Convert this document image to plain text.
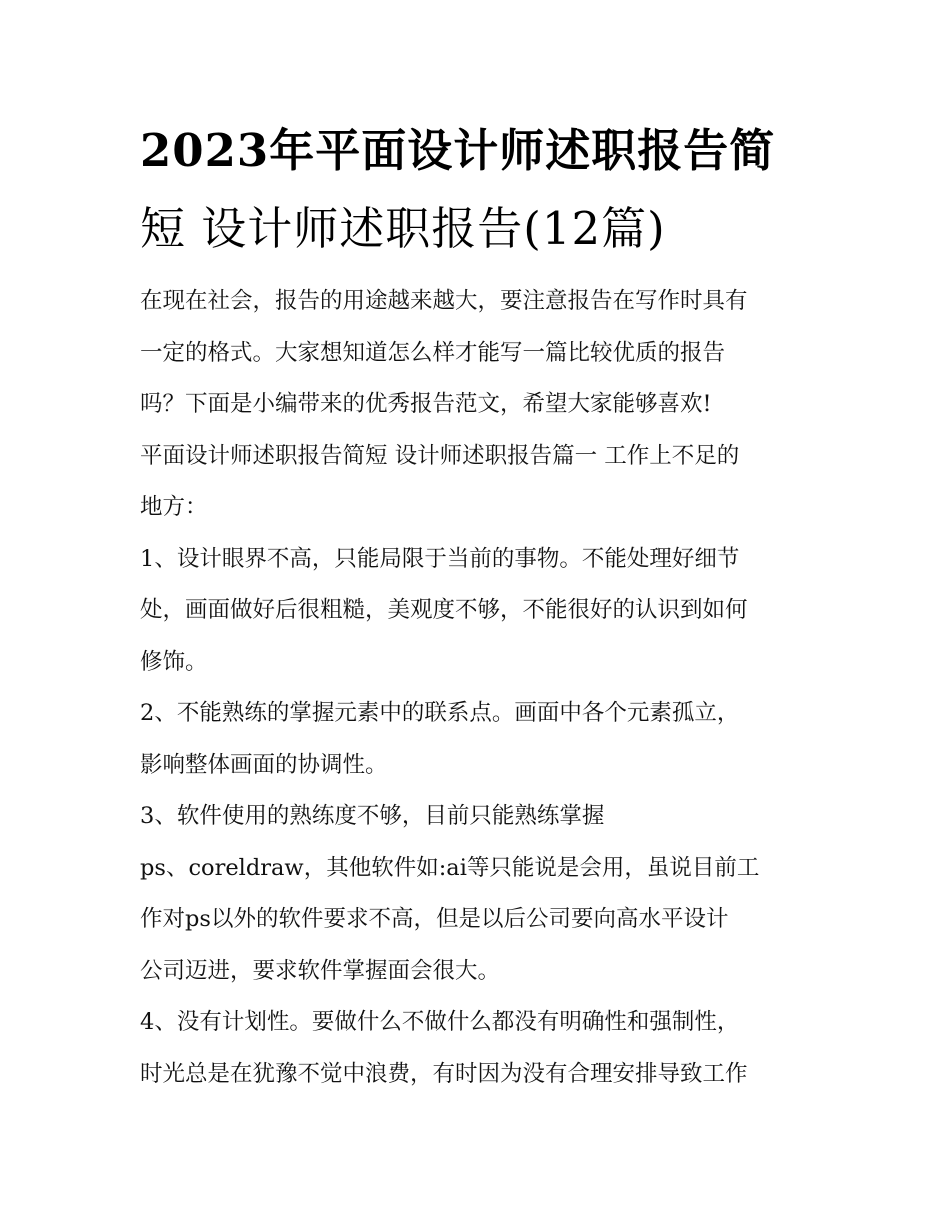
2023年平面设计师述职报告简
短 设计师述职报告(12篇)
在现在社会，报告的用途越来越大，要注意报告在写作时具有
一定的格式。大家想知道怎么样才能写一篇比较优质的报告
吗？下面是小编带来的优秀报告范文，希望大家能够喜欢!
平面设计师述职报告简短 设计师述职报告篇一 工作上不足的
地方：
1、设计眼界不高，只能局限于当前的事物。不能处理好细节
处，画面做好后很粗糙，美观度不够，不能很好的认识到如何
修饰。
2、不能熟练的掌握元素中的联系点。画面中各个元素孤立，
影响整体画面的协调性。
3、软件使用的熟练度不够，目前只能熟练掌握
ps、coreldraw，其他软件如:ai等只能说是会用，虽说目前工
作对ps以外的软件要求不高，但是以后公司要向高水平设计
公司迈进，要求软件掌握面会很大。
4、没有计划性。要做什么不做什么都没有明确性和强制性，
时光总是在犹豫不觉中浪费，有时因为没有合理安排导致工作
